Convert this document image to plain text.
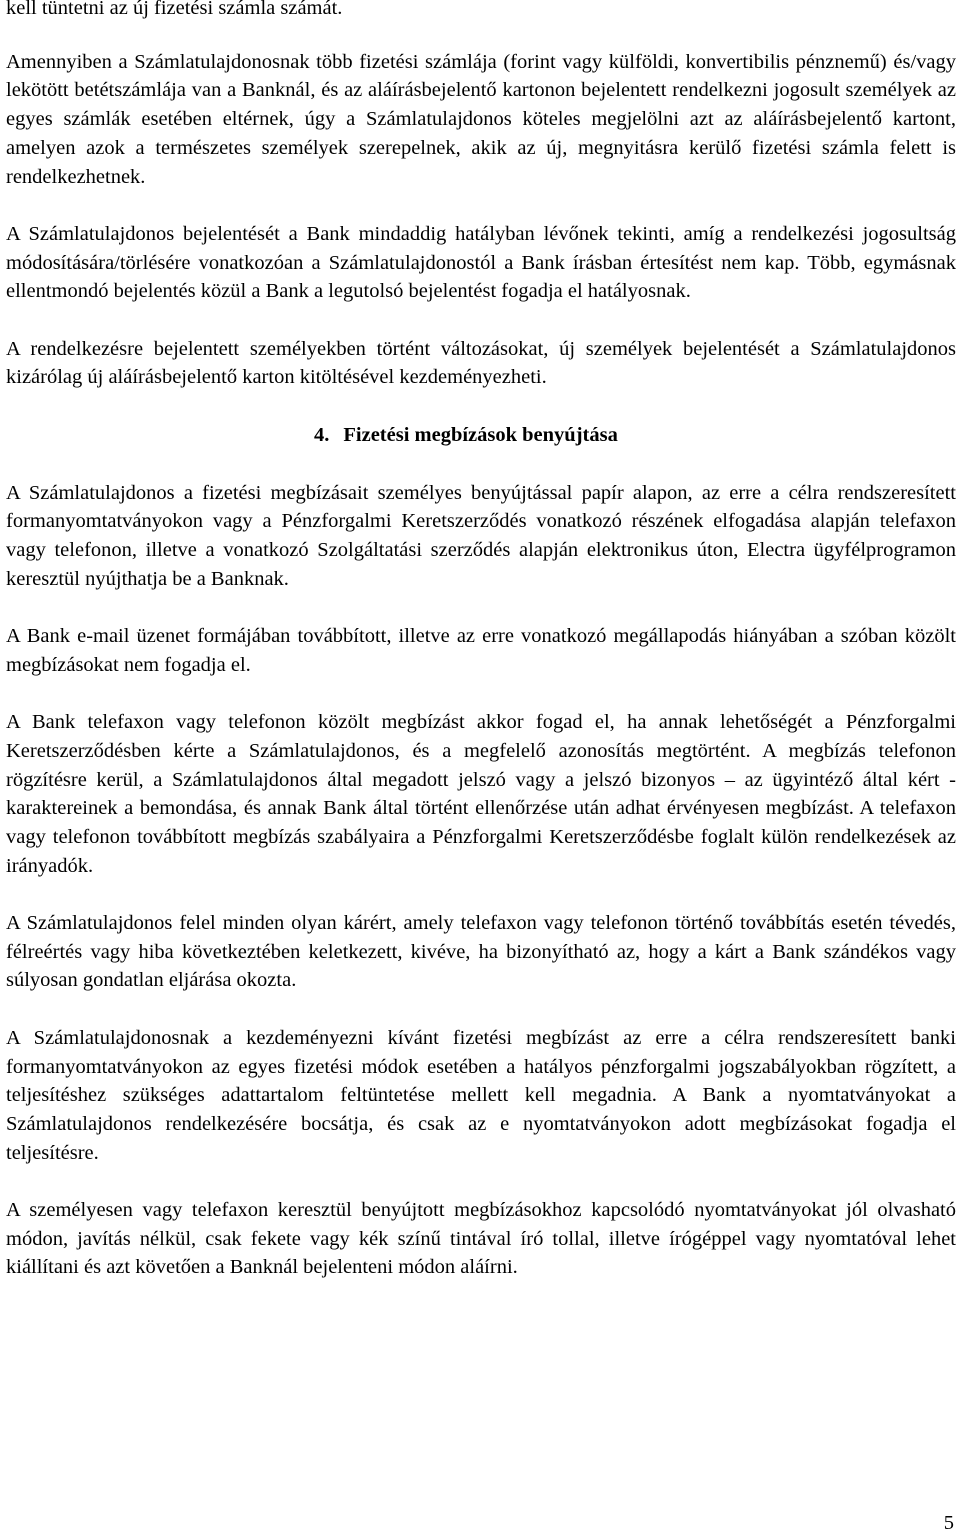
kell tüntetni az új fizetési számla számát.

Amennyiben a Számlatulajdonosnak több fizetési számlája (forint vagy külföldi, konvertibilis pénznemű) és/vagy lekötött betétszámlája van a Banknál, és az aláírásbejelentő kartonon bejelentett rendelkezni jogosult személyek az egyes számlák esetében eltérnek, úgy a Számlatulajdonos köteles megjelölni azt az aláírásbejelentő kartont, amelyen azok a természetes személyek szerepelnek, akik az új, megnyitásra kerülő fizetési számla felett is rendelkezhetnek.

A Számlatulajdonos bejelentését a Bank mindaddig hatályban lévőnek tekinti, amíg a rendelkezési jogosultság módosítására/törlésére vonatkozóan a Számlatulajdonostól a Bank írásban értesítést nem kap. Több, egymásnak ellentmondó bejelentés közül a Bank a legutolsó bejelentést fogadja el hatályosnak.

A rendelkezésre bejelentett személyekben történt változásokat, új személyek bejelentését a Számlatulajdonos kizárólag új aláírásbejelentő karton kitöltésével kezdeményezheti.

4. Fizetési megbízások benyújtása

A Számlatulajdonos a fizetési megbízásait személyes benyújtással papír alapon, az erre a célra rendszeresített formanyomtatványokon vagy a Pénzforgalmi Keretszerződés vonatkozó részének elfogadása alapján telefaxon vagy telefonon, illetve a vonatkozó Szolgáltatási szerződés alapján elektronikus úton, Electra ügyfélprogramon keresztül nyújthatja be a Banknak.

A Bank e-mail üzenet formájában továbbított, illetve az erre vonatkozó megállapodás hiányában a szóban közölt megbízásokat nem fogadja el.

A Bank telefaxon vagy telefonon közölt megbízást akkor fogad el, ha annak lehetőségét a Pénzforgalmi Keretszerződésben kérte a Számlatulajdonos, és a megfelelő azonosítás megtörtént. A megbízás telefonon rögzítésre kerül, a Számlatulajdonos által megadott jelszó vagy a jelszó bizonyos – az ügyintéző által kért - karaktereinek a bemondása, és annak Bank által történt ellenőrzése után adhat érvényesen megbízást. A telefaxon vagy telefonon továbbított megbízás szabályaira a Pénzforgalmi Keretszerződésbe foglalt külön rendelkezések az irányadók.

A Számlatulajdonos felel minden olyan kárért, amely telefaxon vagy telefonon történő továbbítás esetén tévedés, félreértés vagy hiba következtében keletkezett, kivéve, ha bizonyítható az, hogy a kárt a Bank szándékos vagy súlyosan gondatlan eljárása okozta.

A Számlatulajdonosnak a kezdeményezni kívánt fizetési megbízást az erre a célra rendszeresített banki formanyomtatványokon az egyes fizetési módok esetében a hatályos pénzforgalmi jogszabályokban rögzített, a teljesítéshez szükséges adattartalom feltüntetése mellett kell megadnia. A Bank a nyomtatványokat a Számlatulajdonos rendelkezésére bocsátja, és csak az e nyomtatványokon adott megbízásokat fogadja el teljesítésre.

A személyesen vagy telefaxon keresztül benyújtott megbízásokhoz kapcsolódó nyomtatványokat jól olvasható módon, javítás nélkül, csak fekete vagy kék színű tintával író tollal, illetve írógéppel vagy nyomtatóval lehet kiállítani és azt követően a Banknál bejelenteni módon aláírni.

5
